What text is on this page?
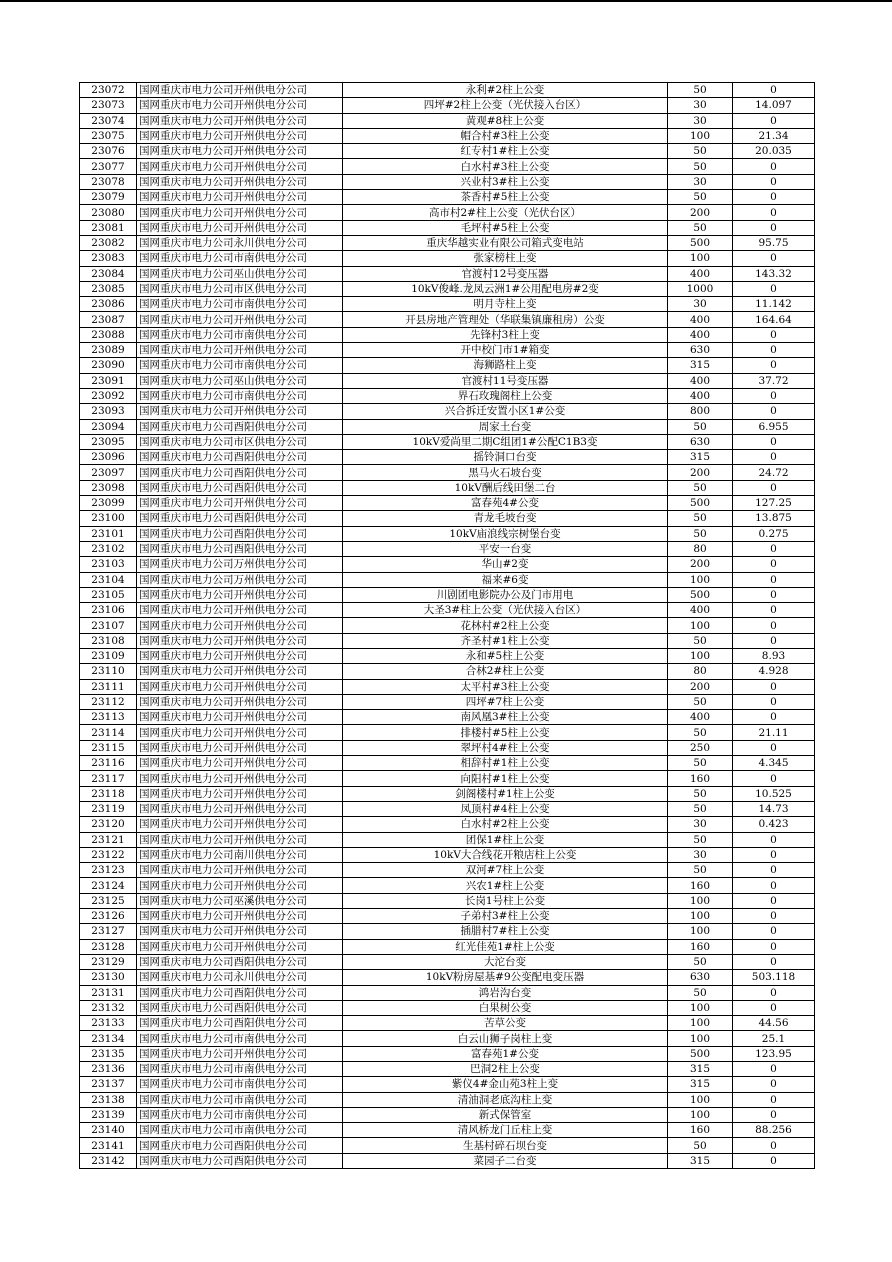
23072	国网重庆市电力公司开州供电分公司	永利#2柱上公变	50	0
23073	国网重庆市电力公司开州供电分公司	四坪#2柱上公变（光伏接入台区）	30	14.097
23074	国网重庆市电力公司开州供电分公司	黄观#8柱上公变	30	0
23075	国网重庆市电力公司开州供电分公司	帽合村#3柱上公变	100	21.34
23076	国网重庆市电力公司开州供电分公司	红专村1#柱上公变	50	20.035
23077	国网重庆市电力公司开州供电分公司	白水村#3柱上公变	50	0
23078	国网重庆市电力公司开州供电分公司	兴业村3#柱上公变	30	0
23079	国网重庆市电力公司开州供电分公司	茶香村#5柱上公变	50	0
23080	国网重庆市电力公司开州供电分公司	高市村2#柱上公变（光伏台区）	200	0
23081	国网重庆市电力公司开州供电分公司	毛坪村#5柱上公变	50	0
23082	国网重庆市电力公司永川供电分公司	重庆华越实业有限公司箱式变电站	500	95.75
23083	国网重庆市电力公司市南供电分公司	张家榜柱上变	100	0
23084	国网重庆市电力公司巫山供电分公司	官渡村12号变压器	400	143.32
23085	国网重庆市电力公司市区供电分公司	10kV俊峰.龙凤云洲1#公用配电房#2变	1000	0
23086	国网重庆市电力公司市南供电分公司	明月寺柱上变	30	11.142
23087	国网重庆市电力公司开州供电分公司	开县房地产管理处（华联集镇廉租房）公变	400	164.64
23088	国网重庆市电力公司市南供电分公司	先锋村3柱上变	400	0
23089	国网重庆市电力公司开州供电分公司	开中校门市1#箱变	630	0
23090	国网重庆市电力公司市南供电分公司	海狮路柱上变	315	0
23091	国网重庆市电力公司巫山供电分公司	官渡村11号变压器	400	37.72
23092	国网重庆市电力公司市南供电分公司	界石玫瑰阁柱上公变	400	0
23093	国网重庆市电力公司开州供电分公司	兴合拆迁安置小区1#公变	800	0
23094	国网重庆市电力公司酉阳供电分公司	周家土台变	50	6.955
23095	国网重庆市电力公司市区供电分公司	10kV爱尚里二期C组团1#公配C1B3变	630	0
23096	国网重庆市电力公司酉阳供电分公司	摇铃洞口台变	315	0
23097	国网重庆市电力公司酉阳供电分公司	黑马火石坡台变	200	24.72
23098	国网重庆市电力公司酉阳供电分公司	10kV酬后线田堡二台	50	0
23099	国网重庆市电力公司开州供电分公司	富春苑4#公变	500	127.25
23100	国网重庆市电力公司酉阳供电分公司	青龙毛坡台变	50	13.875
23101	国网重庆市电力公司酉阳供电分公司	10kV庙浪线宗树堡台变	50	0.275
23102	国网重庆市电力公司酉阳供电分公司	平安一台变	80	0
23103	国网重庆市电力公司万州供电分公司	华山#2变	200	0
23104	国网重庆市电力公司万州供电分公司	福来#6变	100	0
23105	国网重庆市电力公司开州供电分公司	川剧团电影院办公及门市用电	500	0
23106	国网重庆市电力公司开州供电分公司	大圣3#柱上公变（光伏接入台区）	400	0
23107	国网重庆市电力公司开州供电分公司	花林村#2柱上公变	100	0
23108	国网重庆市电力公司开州供电分公司	齐圣村#1柱上公变	50	0
23109	国网重庆市电力公司开州供电分公司	永和#5柱上公变	100	8.93
23110	国网重庆市电力公司开州供电分公司	合林2#柱上公变	80	4.928
23111	国网重庆市电力公司开州供电分公司	太平村#3柱上公变	200	0
23112	国网重庆市电力公司开州供电分公司	四坪#7柱上公变	50	0
23113	国网重庆市电力公司开州供电分公司	南风凰3#柱上公变	400	0
23114	国网重庆市电力公司开州供电分公司	排楼村#5柱上公变	50	21.11
23115	国网重庆市电力公司开州供电分公司	翠坪村4#柱上公变	250	0
23116	国网重庆市电力公司开州供电分公司	相辞村#1柱上公变	50	4.345
23117	国网重庆市电力公司开州供电分公司	向阳村#1柱上公变	160	0
23118	国网重庆市电力公司开州供电分公司	剑阁楼村#1柱上公变	50	10.525
23119	国网重庆市电力公司开州供电分公司	凤顶村#4柱上公变	50	14.73
23120	国网重庆市电力公司开州供电分公司	白水村#2柱上公变	30	0.423
23121	国网重庆市电力公司开州供电分公司	团保1#柱上公变	50	0
23122	国网重庆市电力公司南川供电分公司	10kV大合线花开粮店柱上公变	30	0
23123	国网重庆市电力公司开州供电分公司	双河#7柱上公变	50	0
23124	国网重庆市电力公司开州供电分公司	兴农1#柱上公变	160	0
23125	国网重庆市电力公司巫溪供电分公司	长岗1号柱上公变	100	0
23126	国网重庆市电力公司开州供电分公司	子弟村3#柱上公变	100	0
23127	国网重庆市电力公司开州供电分公司	插腊村7#柱上公变	100	0
23128	国网重庆市电力公司开州供电分公司	红光佳苑1#柱上公变	160	0
23129	国网重庆市电力公司酉阳供电分公司	大沱台变	50	0
23130	国网重庆市电力公司永川供电分公司	10kV粉房屋基#9公变配电变压器	630	503.118
23131	国网重庆市电力公司酉阳供电分公司	鸿岩沟台变	50	0
23132	国网重庆市电力公司酉阳供电分公司	白果树公变	100	0
23133	国网重庆市电力公司酉阳供电分公司	苦草公变	100	44.56
23134	国网重庆市电力公司市南供电分公司	白云山狮子岗柱上变	100	25.1
23135	国网重庆市电力公司开州供电分公司	富春苑1#公变	500	123.95
23136	国网重庆市电力公司市南供电分公司	巴洞2柱上公变	315	0
23137	国网重庆市电力公司市南供电分公司	紫仪4#金山苑3柱上变	315	0
23138	国网重庆市电力公司市南供电分公司	清油洞老底沟柱上变	100	0
23139	国网重庆市电力公司市南供电分公司	新式保管室	100	0
23140	国网重庆市电力公司市南供电分公司	清风桥龙门丘柱上变	160	88.256
23141	国网重庆市电力公司酉阳供电分公司	生基村碎石坝台变	50	0
23142	国网重庆市电力公司酉阳供电分公司	菜园子二台变	315	0
